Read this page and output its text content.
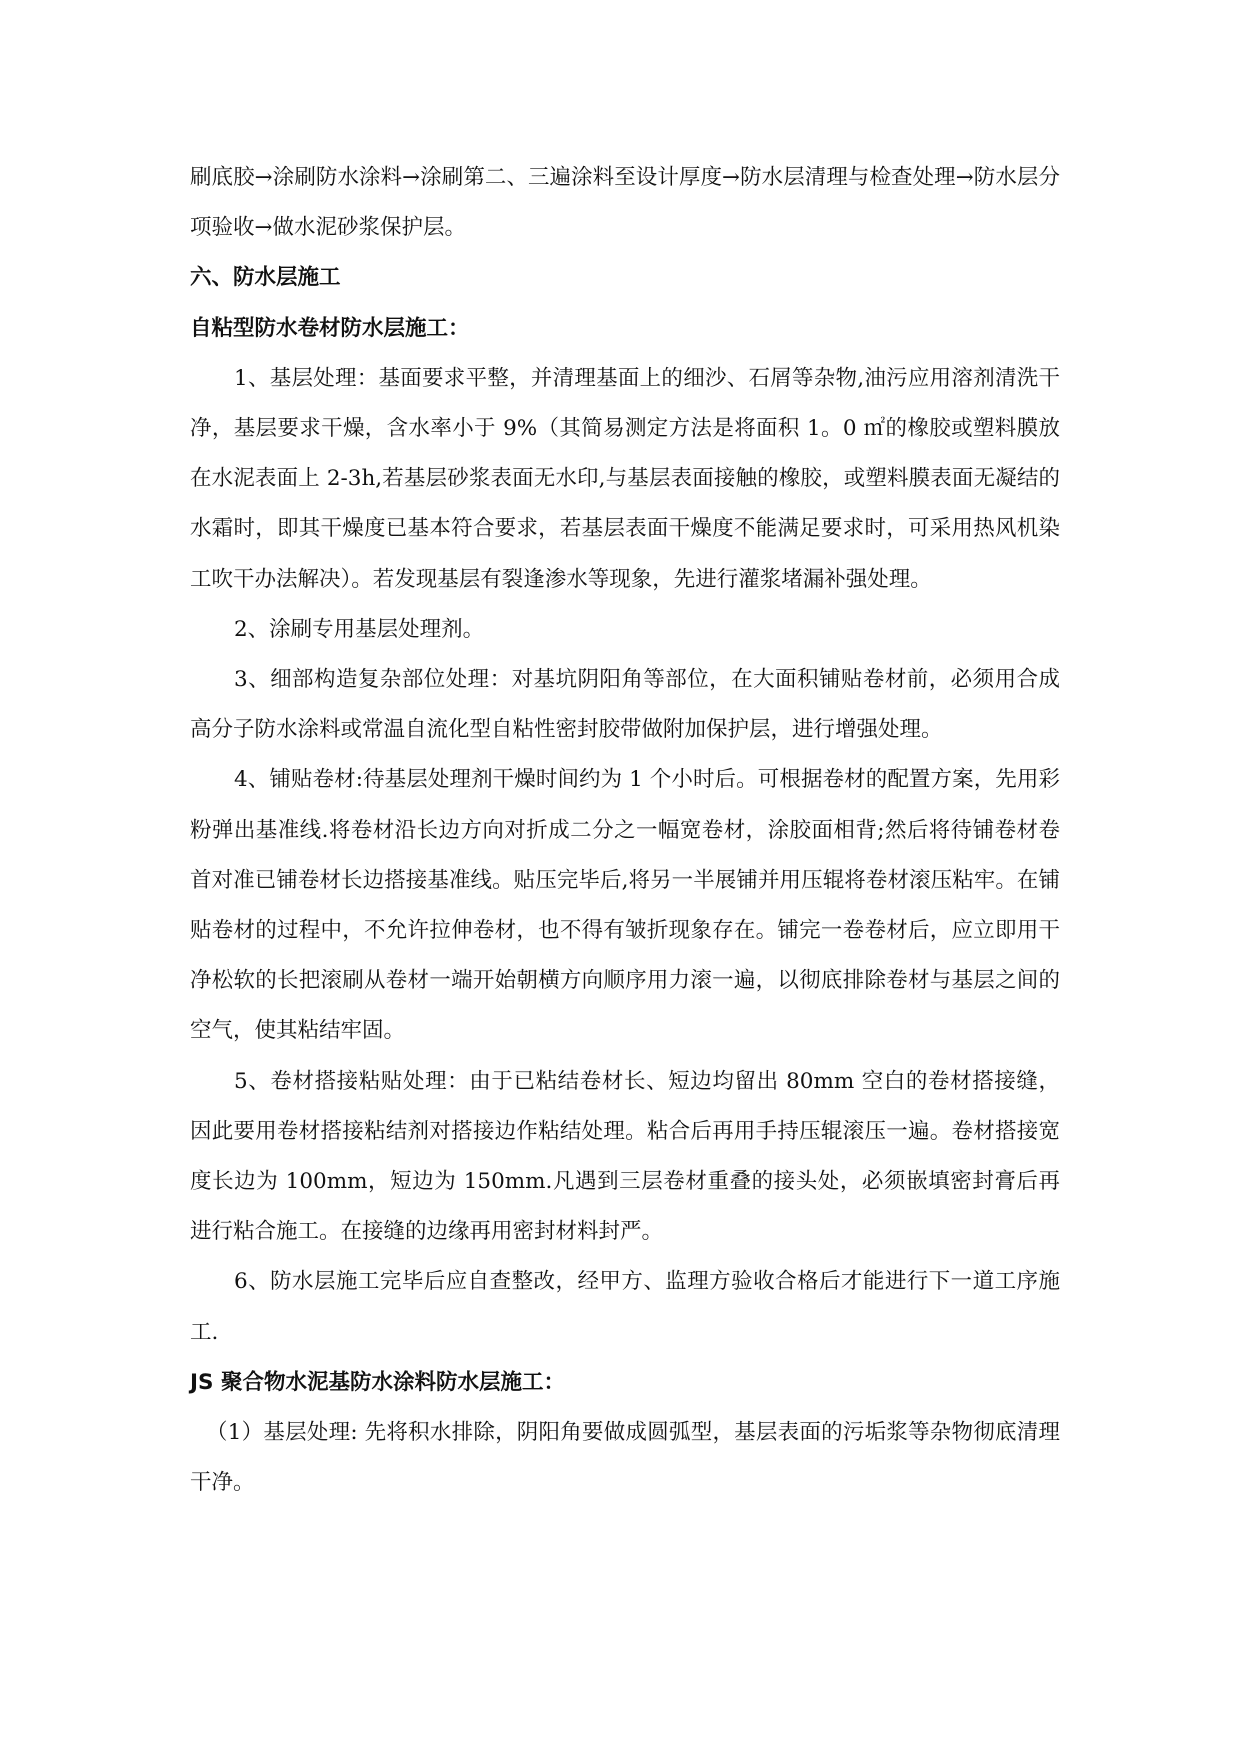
刷底胶→涂刷防水涂料→涂刷第二、三遍涂料至设计厚度→防水层清理与检查处理→防水层分项验收→做水泥砂浆保护层。

六、防水层施工

自粘型防水卷材防水层施工：

1、基层处理：基面要求平整，并清理基面上的细沙、石屑等杂物,油污应用溶剂清洗干净，基层要求干燥，含水率小于 9%（其简易测定方法是将面积 1。0 ㎡的橡胶或塑料膜放在水泥表面上 2-3h,若基层砂浆表面无水印,与基层表面接触的橡胶，或塑料膜表面无凝结的水霜时，即其干燥度已基本符合要求，若基层表面干燥度不能满足要求时，可采用热风机染工吹干办法解决）。若发现基层有裂逢渗水等现象，先进行灌浆堵漏补强处理。

2、涂刷专用基层处理剂。

3、细部构造复杂部位处理：对基坑阴阳角等部位，在大面积铺贴卷材前，必须用合成高分子防水涂料或常温自流化型自粘性密封胶带做附加保护层，进行增强处理。

4、铺贴卷材:待基层处理剂干燥时间约为 1 个小时后。可根据卷材的配置方案，先用彩粉弹出基准线.将卷材沿长边方向对折成二分之一幅宽卷材，涂胶面相背;然后将待铺卷材卷首对准已铺卷材长边搭接基准线。贴压完毕后,将另一半展铺并用压辊将卷材滚压粘牢。在铺贴卷材的过程中，不允许拉伸卷材，也不得有皱折现象存在。铺完一卷卷材后，应立即用干净松软的长把滚刷从卷材一端开始朝横方向顺序用力滚一遍，以彻底排除卷材与基层之间的空气，使其粘结牢固。

5、卷材搭接粘贴处理：由于已粘结卷材长、短边均留出 80mm 空白的卷材搭接缝，因此要用卷材搭接粘结剂对搭接边作粘结处理。粘合后再用手持压辊滚压一遍。卷材搭接宽度长边为 100mm，短边为 150mm.凡遇到三层卷材重叠的接头处，必须嵌填密封膏后再进行粘合施工。在接缝的边缘再用密封材料封严。

6、防水层施工完毕后应自查整改，经甲方、监理方验收合格后才能进行下一道工序施工.

JS 聚合物水泥基防水涂料防水层施工：

（1）基层处理: 先将积水排除，阴阳角要做成圆弧型，基层表面的污垢浆等杂物彻底清理干净。
